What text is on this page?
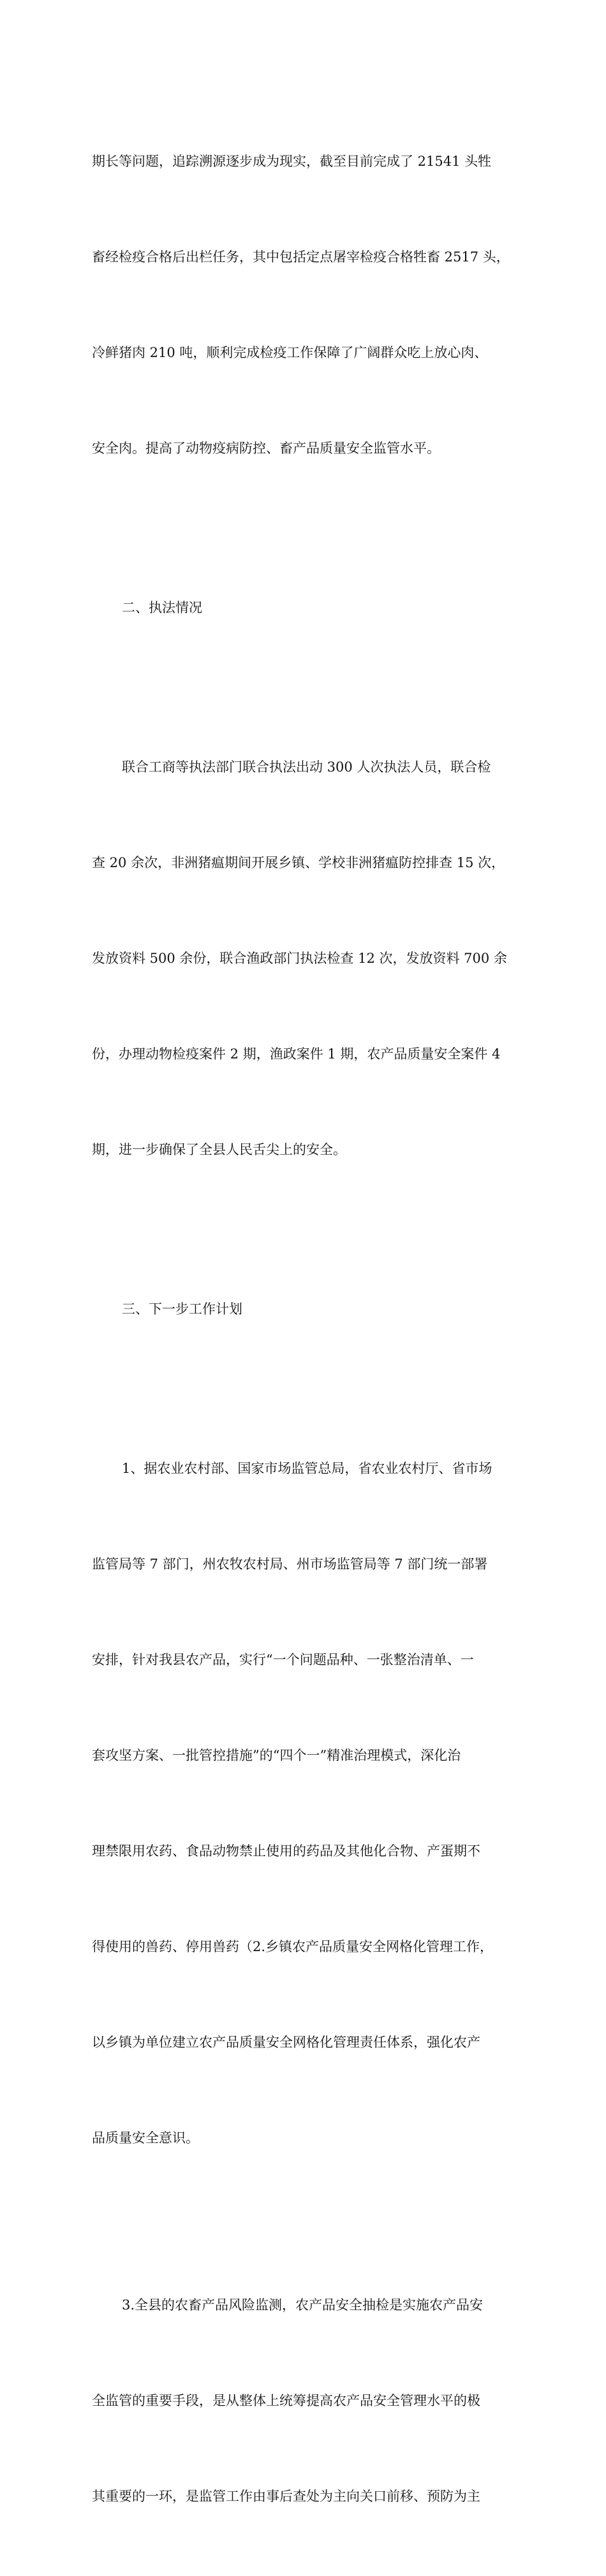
期长等问题，追踪溯源逐步成为现实，截至目前完成了 21541 头牲

畜经检疫合格后出栏任务，其中包括定点屠宰检疫合格牲畜 2517 头，

冷鲜猪肉 210 吨，顺利完成检疫工作保障了广阔群众吃上放心肉、

安全肉。提高了动物疫病防控、畜产品质量安全监管水平。

二、执法情况

联合工商等执法部门联合执法出动 300 人次执法人员，联合检

查 20 余次，非洲猪瘟期间开展乡镇、学校非洲猪瘟防控排查 15 次，

发放资料 500 余份，联合渔政部门执法检查 12 次，发放资料 700 余

份，办理动物检疫案件 2 期，渔政案件 1 期，农产品质量安全案件 4

期，进一步确保了全县人民舌尖上的安全。

三、下一步工作计划

1、据农业农村部、国家市场监管总局，省农业农村厅、省市场

监管局等 7 部门，州农牧农村局、州市场监管局等 7 部门统一部署

安排，针对我县农产品，实行“一个问题品种、一张整治清单、一

套攻坚方案、一批管控措施”的“四个一”精准治理模式，深化治

理禁限用农药、食品动物禁止使用的药品及其他化合物、产蛋期不

得使用的兽药、停用兽药（2.乡镇农产品质量安全网格化管理工作，

以乡镇为单位建立农产品质量安全网格化管理责任体系，强化农产

品质量安全意识。

3.全县的农畜产品风险监测，农产品安全抽检是实施农产品安

全监管的重要手段，是从整体上统筹提高农产品安全管理水平的极

其重要的一环，是监管工作由事后查处为主向关口前移、预防为主
